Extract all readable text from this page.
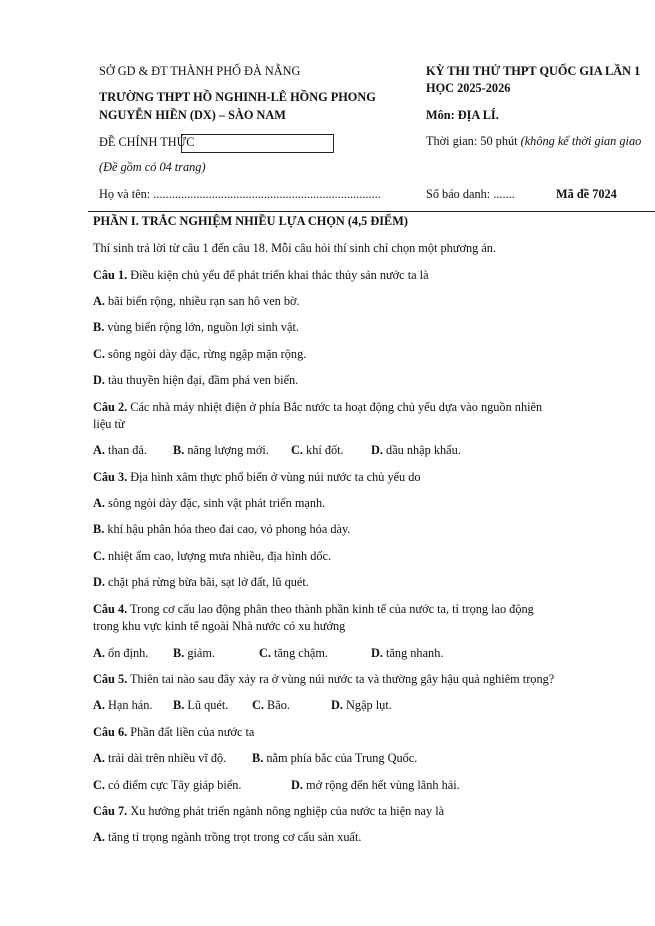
SỞ GD & ĐT THÀNH PHỐ ĐÀ NẴNG
TRƯỜNG THPT HỒ NGHINH-LÊ HỒNG PHONG
NGUYỄN HIỀN (DX) – SÀO NAM
ĐỀ CHÍNH THỨC
(Đề gồm có 04 trang)
Họ và tên: ..........................................................................
KỲ THI THỬ THPT QUỐC GIA LẦN 1
HỌC 2025-2026
Môn: ĐỊA LÍ.
Thời gian: 50 phút (không kể thời gian giao
Số báo danh: .......	Mã đề 7024
PHẦN I. TRẮC NGHIỆM NHIỀU LỰA CHỌN (4,5 ĐIỂM)
Thí sinh trả lời từ câu 1 đến câu 18. Mỗi câu hỏi thí sinh chỉ chọn một phương án.
Câu 1. Điều kiện chủ yếu để phát triển khai thác thủy sản nước ta là
A. bãi biển rộng, nhiều rạn san hô ven bờ.
B. vùng biển rộng lớn, nguồn lợi sinh vật.
C. sông ngòi dày đặc, rừng ngập mặn rộng.
D. tàu thuyền hiện đại, đầm phá ven biển.
Câu 2. Các nhà máy nhiệt điện ở phía Bắc nước ta hoạt động chủ yếu dựa vào nguồn nhiên
liệu từ
A. than đá. B. năng lượng mới. C. khí đốt. D. dầu nhập khẩu.
Câu 3. Địa hình xâm thực phổ biến ở vùng núi nước ta chủ yếu do
A. sông ngòi dày đặc, sinh vật phát triển mạnh.
B. khí hậu phân hóa theo đai cao, vỏ phong hóa dày.
C. nhiệt ẩm cao, lượng mưa nhiều, địa hình dốc.
D. chặt phá rừng bừa bãi, sạt lở đất, lũ quét.
Câu 4. Trong cơ cấu lao động phân theo thành phần kinh tế của nước ta, tỉ trọng lao động
trong khu vực kinh tế ngoài Nhà nước có xu hướng
A. ổn định. B. giảm.	C. tăng chậm.	D. tăng nhanh.
Câu 5. Thiên tai nào sau đây xảy ra ở vùng núi nước ta và thường gây hậu quả nghiêm trọng?
A. Hạn hán. B. Lũ quét. C. Bão.	D. Ngập lụt.
Câu 6. Phần đất liền của nước ta
A. trải dài trên nhiều vĩ độ. B. nằm phía bắc của Trung Quốc.
C. có điểm cực Tây giáp biển.	D. mở rộng đến hết vùng lãnh hải.
Câu 7. Xu hướng phát triển ngành nông nghiệp của nước ta hiện nay là
A. tăng tỉ trọng ngành trồng trọt trong cơ cấu sản xuất.
